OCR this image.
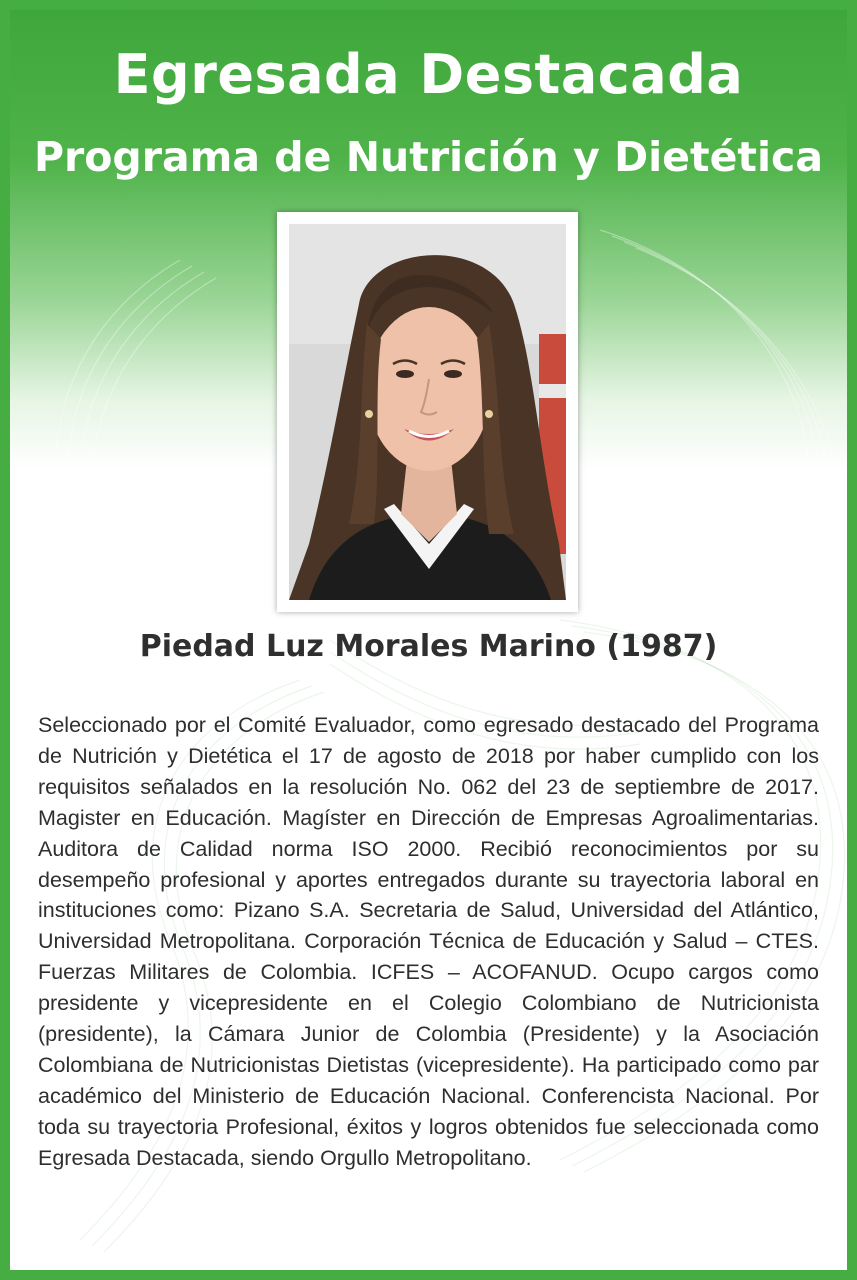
Egresada Destacada
Programa de Nutrición y Dietética
Piedad Luz Morales Marino (1987)
Seleccionado por el Comité Evaluador, como egresado destacado del Programa de Nutrición y Dietética el 17 de agosto de 2018 por haber cumplido con los requisitos señalados en la resolución No. 062 del 23 de septiembre de 2017. Magister en Educación. Magíster en Dirección de Empresas Agroalimentarias. Auditora de Calidad norma ISO 2000. Recibió reconocimientos por su desempeño profesional y aportes entregados durante su trayectoria laboral en instituciones como: Pizano S.A. Secretaria de Salud, Universidad del Atlántico, Universidad Metropolitana. Corporación Técnica de Educación y Salud – CTES. Fuerzas Militares de Colombia. ICFES – ACOFANUD. Ocupo cargos como presidente y vicepresidente en el Colegio Colombiano de Nutricionista (presidente), la Cámara Junior de Colombia (Presidente) y la Asociación Colombiana de Nutricionistas Dietistas (vicepresidente). Ha participado como par académico del Ministerio de Educación Nacional. Conferencista Nacional. Por toda su trayectoria Profesional, éxitos y logros obtenidos fue seleccionada como Egresada Destacada, siendo Orgullo Metropolitano.
